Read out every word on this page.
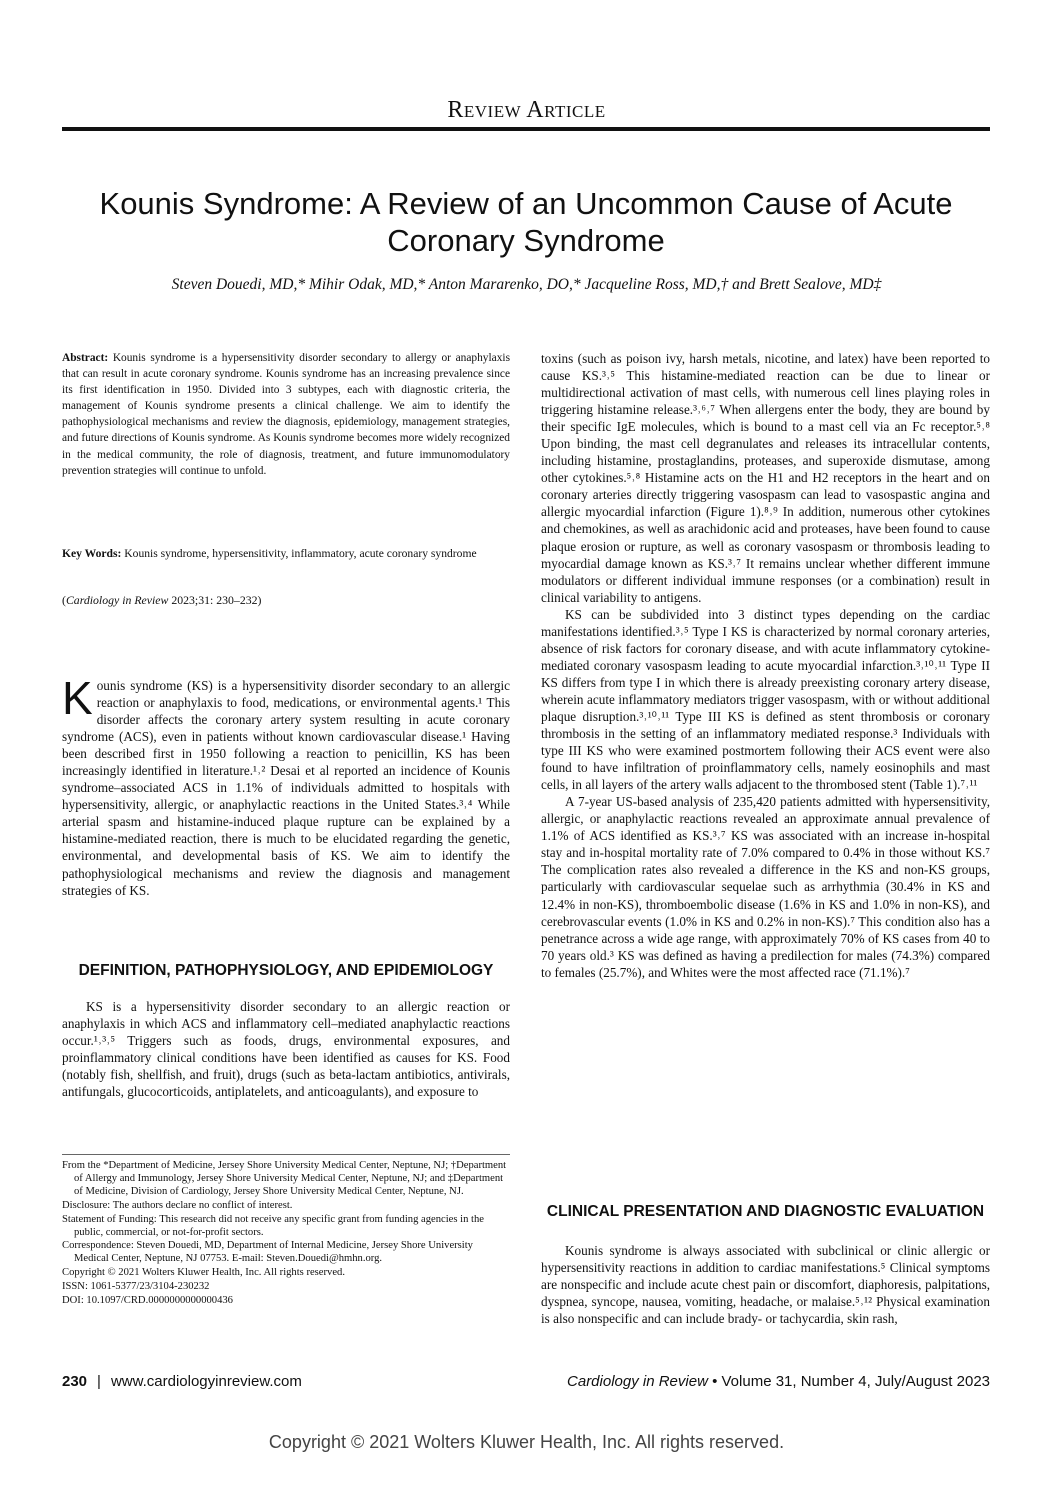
Review Article
Kounis Syndrome: A Review of an Uncommon Cause of Acute Coronary Syndrome
Steven Douedi, MD,* Mihir Odak, MD,* Anton Mararenko, DO,* Jacqueline Ross, MD,† and Brett Sealove, MD‡
Abstract: Kounis syndrome is a hypersensitivity disorder secondary to allergy or anaphylaxis that can result in acute coronary syndrome. Kounis syndrome has an increasing prevalence since its first identification in 1950. Divided into 3 subtypes, each with diagnostic criteria, the management of Kounis syndrome presents a clinical challenge. We aim to identify the pathophysiological mechanisms and review the diagnosis, epidemiology, management strategies, and future directions of Kounis syndrome. As Kounis syndrome becomes more widely recognized in the medical community, the role of diagnosis, treatment, and future immunomodulatory prevention strategies will continue to unfold.
Key Words: Kounis syndrome, hypersensitivity, inflammatory, acute coronary syndrome
(Cardiology in Review 2023;31: 230–232)

Kounis syndrome (KS) is a hypersensitivity disorder secondary to an allergic reaction or anaphylaxis to food, medications, or environmental agents.¹ This disorder affects the coronary artery system resulting in acute coronary syndrome (ACS), even in patients without known cardiovascular disease.¹ Having been described first in 1950 following a reaction to penicillin, KS has been increasingly identified in literature.¹˒² Desai et al reported an incidence of Kounis syndrome–associated ACS in 1.1% of individuals admitted to hospitals with hypersensitivity, allergic, or anaphylactic reactions in the United States.³˒⁴ While arterial spasm and histamine-induced plaque rupture can be explained by a histamine-mediated reaction, there is much to be elucidated regarding the genetic, environmental, and developmental basis of KS. We aim to identify the pathophysiological mechanisms and review the diagnosis and management strategies of KS.

DEFINITION, PATHOPHYSIOLOGY, AND EPIDEMIOLOGY

KS is a hypersensitivity disorder secondary to an allergic reaction or anaphylaxis in which ACS and inflammatory cell–mediated anaphylactic reactions occur.¹˒³˒⁵ Triggers such as foods, drugs, environmental exposures, and proinflammatory clinical conditions have been identified as causes for KS. Food (notably fish, shellfish, and fruit), drugs (such as beta-lactam antibiotics, antivirals, antifungals, glucocorticoids, antiplatelets, and anticoagulants), and exposure to

From the *Department of Medicine, Jersey Shore University Medical Center, Neptune, NJ; †Department of Allergy and Immunology, Jersey Shore University Medical Center, Neptune, NJ; and ‡Department of Medicine, Division of Cardiology, Jersey Shore University Medical Center, Neptune, NJ.

Disclosure: The authors declare no conflict of interest.

Statement of Funding: This research did not receive any specific grant from funding agencies in the public, commercial, or not-for-profit sectors.

Correspondence: Steven Douedi, MD, Department of Internal Medicine, Jersey Shore University Medical Center, Neptune, NJ 07753. E-mail: Steven.Douedi@hmhn.org.

Copyright © 2021 Wolters Kluwer Health, Inc. All rights reserved.

ISSN: 1061-5377/23/3104-230232

DOI: 10.1097/CRD.0000000000000436

toxins (such as poison ivy, harsh metals, nicotine, and latex) have been reported to cause KS.³˒⁵ This histamine-mediated reaction can be due to linear or multidirectional activation of mast cells, with numerous cell lines playing roles in triggering histamine release.³˒⁶˒⁷ When allergens enter the body, they are bound by their specific IgE molecules, which is bound to a mast cell via an Fc receptor.⁵˒⁸ Upon binding, the mast cell degranulates and releases its intracellular contents, including histamine, prostaglandins, proteases, and superoxide dismutase, among other cytokines.⁵˒⁸ Histamine acts on the H1 and H2 receptors in the heart and on coronary arteries directly triggering vasospasm can lead to vasospastic angina and allergic myocardial infarction (Figure 1).⁸˒⁹ In addition, numerous other cytokines and chemokines, as well as arachidonic acid and proteases, have been found to cause plaque erosion or rupture, as well as coronary vasospasm or thrombosis leading to myocardial damage known as KS.³˒⁷ It remains unclear whether different immune modulators or different individual immune responses (or a combination) result in clinical variability to antigens.

KS can be subdivided into 3 distinct types depending on the cardiac manifestations identified.³˒⁵ Type I KS is characterized by normal coronary arteries, absence of risk factors for coronary disease, and with acute inflammatory cytokine-mediated coronary vasospasm leading to acute myocardial infarction.³˒¹⁰˒¹¹ Type II KS differs from type I in which there is already preexisting coronary artery disease, wherein acute inflammatory mediators trigger vasospasm, with or without additional plaque disruption.³˒¹⁰˒¹¹ Type III KS is defined as stent thrombosis or coronary thrombosis in the setting of an inflammatory mediated response.³ Individuals with type III KS who were examined postmortem following their ACS event were also found to have infiltration of proinflammatory cells, namely eosinophils and mast cells, in all layers of the artery walls adjacent to the thrombosed stent (Table 1).⁷˒¹¹

A 7-year US-based analysis of 235,420 patients admitted with hypersensitivity, allergic, or anaphylactic reactions revealed an approximate annual prevalence of 1.1% of ACS identified as KS.³˒⁷ KS was associated with an increase in-hospital stay and in-hospital mortality rate of 7.0% compared to 0.4% in those without KS.⁷ The complication rates also revealed a difference in the KS and non-KS groups, particularly with cardiovascular sequelae such as arrhythmia (30.4% in KS and 12.4% in non-KS), thromboembolic disease (1.6% in KS and 1.0% in non-KS), and cerebrovascular events (1.0% in KS and 0.2% in non-KS).⁷ This condition also has a penetrance across a wide age range, with approximately 70% of KS cases from 40 to 70 years old.³ KS was defined as having a predilection for males (74.3%) compared to females (25.7%), and Whites were the most affected race (71.1%).⁷

CLINICAL PRESENTATION AND DIAGNOSTIC EVALUATION

Kounis syndrome is always associated with subclinical or clinic allergic or hypersensitivity reactions in addition to cardiac manifestations.⁵ Clinical symptoms are nonspecific and include acute chest pain or discomfort, diaphoresis, palpitations, dyspnea, syncope, nausea, vomiting, headache, or malaise.⁵˒¹² Physical examination is also nonspecific and can include brady- or tachycardia, skin rash,

230 | www.cardiologyinreview.com	Cardiology in Review • Volume 31, Number 4, July/August 2023
Copyright © 2021 Wolters Kluwer Health, Inc. All rights reserved.
